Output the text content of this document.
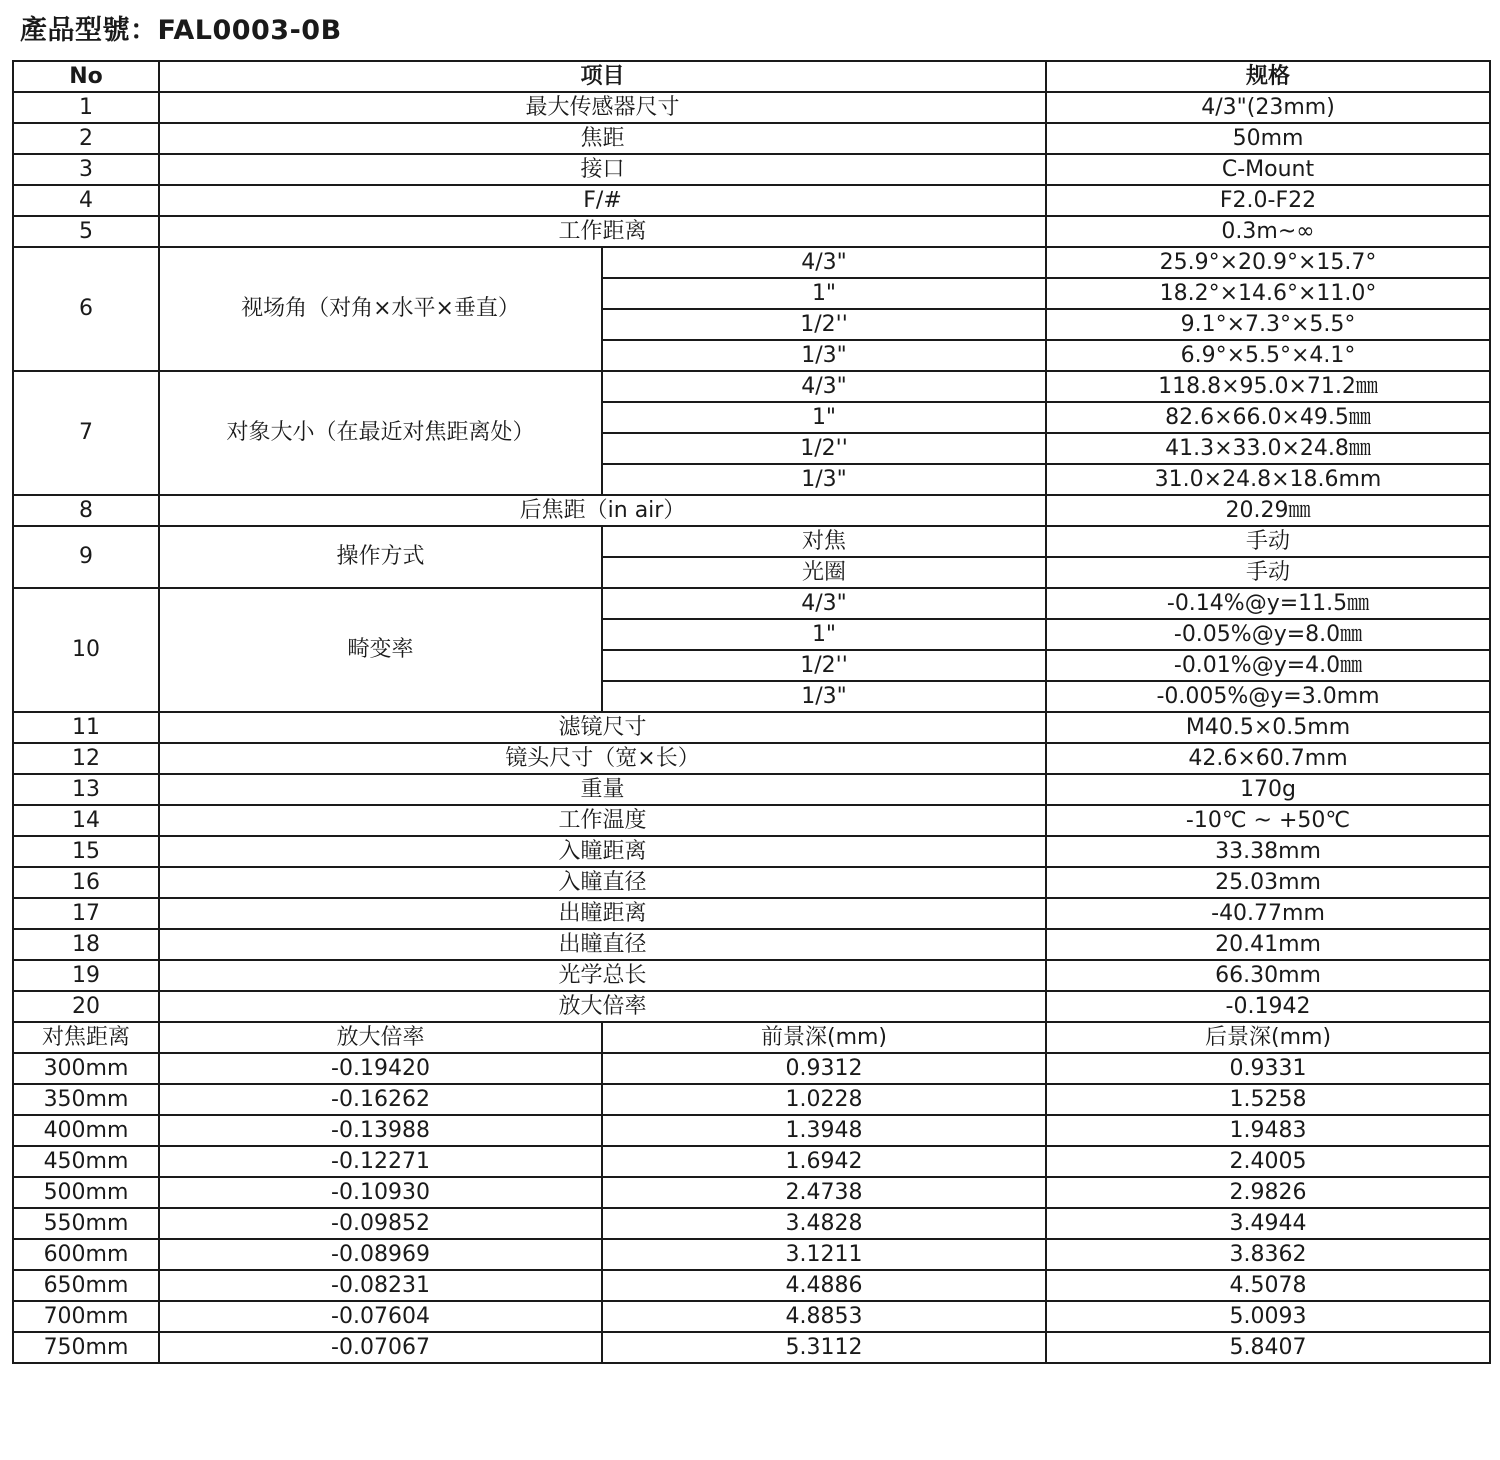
產品型號：FAL0003-0B
No	项目		规格
1	最大传感器尺寸		4/3"(23mm)
2	焦距		50mm
3	接口		C-Mount
4	F/#		F2.0-F22
5	工作距离		0.3m~∞
6	视场角（对角×水平×垂直）	4/3"	25.9°×20.9°×15.7°
		1"	18.2°×14.6°×11.0°
		1/2''	9.1°×7.3°×5.5°
		1/3"	6.9°×5.5°×4.1°
7	对象大小（在最近对焦距离处）	4/3"	118.8×95.0×71.2㎜
		1"	82.6×66.0×49.5㎜
		1/2''	41.3×33.0×24.8㎜
		1/3"	31.0×24.8×18.6mm
8	后焦距（in air）		20.29㎜
9	操作方式	对焦	手动
		光圈	手动
10	畸变率	4/3"	-0.14%@y=11.5㎜
		1"	-0.05%@y=8.0㎜
		1/2''	-0.01%@y=4.0㎜
		1/3"	-0.005%@y=3.0mm
11	滤镜尺寸		M40.5×0.5mm
12	镜头尺寸（宽×长）		42.6×60.7mm
13	重量		170g
14	工作温度		-10℃ ~ +50℃
15	入瞳距离		33.38mm
16	入瞳直径		25.03mm
17	出瞳距离		-40.77mm
18	出瞳直径		20.41mm
19	光学总长		66.30mm
20	放大倍率		-0.1942
对焦距离	放大倍率	前景深(mm)	后景深(mm)
300mm	-0.19420	0.9312	0.9331
350mm	-0.16262	1.0228	1.5258
400mm	-0.13988	1.3948	1.9483
450mm	-0.12271	1.6942	2.4005
500mm	-0.10930	2.4738	2.9826
550mm	-0.09852	3.4828	3.4944
600mm	-0.08969	3.1211	3.8362
650mm	-0.08231	4.4886	4.5078
700mm	-0.07604	4.8853	5.0093
750mm	-0.07067	5.3112	5.8407
